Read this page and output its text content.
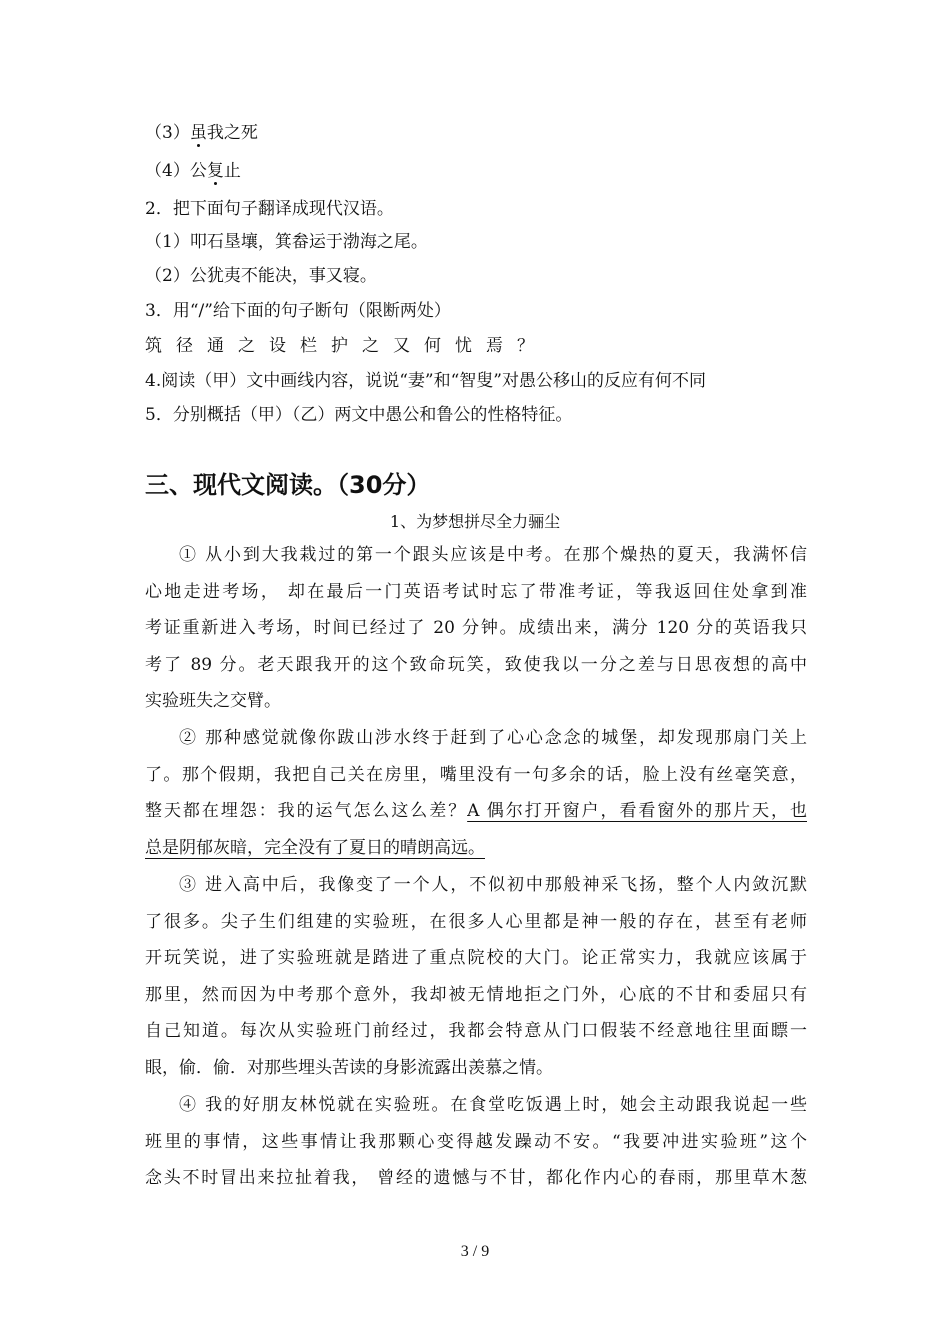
（3）虽我之死
（4）公复止
2．把下面句子翻译成现代汉语。
（1）叩石垦壤，箕畚运于渤海之尾。
（2）公犹夷不能决，事又寝。
3．用“/”给下面的句子断句（限断两处）
筑径通之设栏护之又何忧焉？
4.阅读（甲）文中画线内容，说说“妻”和“智叟”对愚公移山的反应有何不同
5．分别概括（甲）（乙）两文中愚公和鲁公的性格特征。
三、现代文阅读。（30分）
1、为梦想拼尽全力骊尘
① 从小到大我栽过的第一个跟头应该是中考。在那个燥热的夏天，我满怀信
心地走进考场， 却在最后一门英语考试时忘了带准考证，等我返回住处拿到准
考证重新进入考场，时间已经过了 20 分钟。成绩出来，满分 120 分的英语我只
考了 89 分。老天跟我开的这个致命玩笑，致使我以一分之差与日思夜想的高中
实验班失之交臂。
② 那种感觉就像你跋山涉水终于赶到了心心念念的城堡，却发现那扇门关上
了。那个假期，我把自己关在房里，嘴里没有一句多余的话，脸上没有丝毫笑意，
整天都在埋怨：我的运气怎么这么差？A 偶尔打开窗户，看看窗外的那片天，也
总是阴郁灰暗，完全没有了夏日的晴朗高远。
③ 进入高中后，我像变了一个人，不似初中那般神采飞扬，整个人内敛沉默
了很多。尖子生们组建的实验班，在很多人心里都是神一般的存在，甚至有老师
开玩笑说，进了实验班就是踏进了重点院校的大门。论正常实力，我就应该属于
那里，然而因为中考那个意外，我却被无情地拒之门外，心底的不甘和委屈只有
自己知道。每次从实验班门前经过，我都会特意从门口假装不经意地往里面瞟一
眼，偷．偷．对那些埋头苦读的身影流露出羡慕之情。
④ 我的好朋友林悦就在实验班。在食堂吃饭遇上时，她会主动跟我说起一些
班里的事情，这些事情让我那颗心变得越发躁动不安。“我要冲进实验班”这个
念头不时冒出来拉扯着我， 曾经的遗憾与不甘，都化作内心的春雨，那里草木葱
3 / 9
